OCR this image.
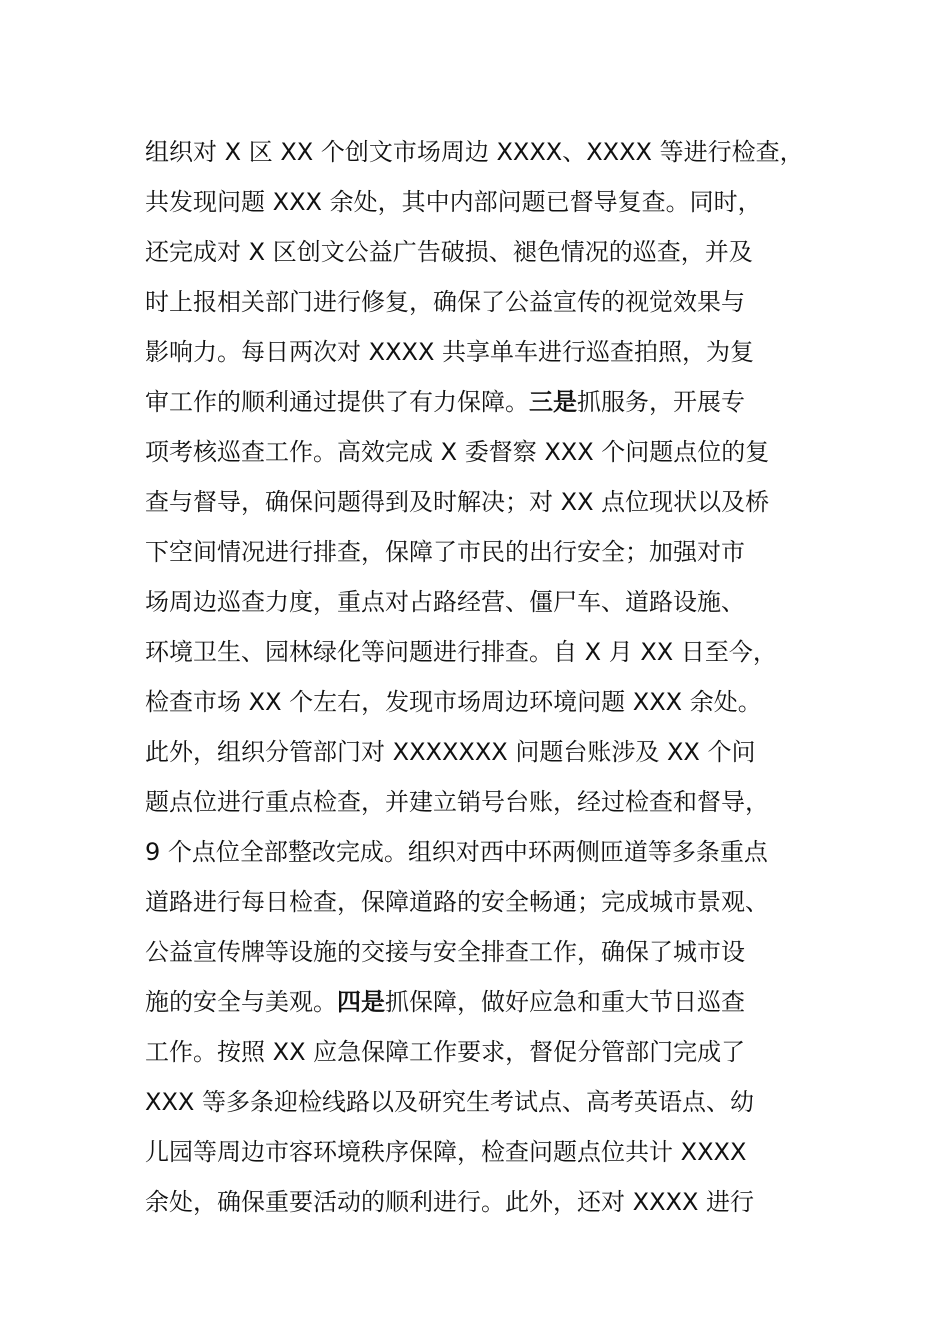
组织对 X 区 XX 个创文市场周边 XXXX、XXXX 等进行检查，
共发现问题 XXX 余处，其中内部问题已督导复查。同时，
还完成对 X 区创文公益广告破损、褪色情况的巡查，并及
时上报相关部门进行修复，确保了公益宣传的视觉效果与
影响力。每日两次对 XXXX 共享单车进行巡查拍照，为复
审工作的顺利通过提供了有力保障。三是抓服务，开展专
项考核巡查工作。高效完成 X 委督察 XXX 个问题点位的复
查与督导，确保问题得到及时解决；对 XX 点位现状以及桥
下空间情况进行排查，保障了市民的出行安全；加强对市
场周边巡查力度，重点对占路经营、僵尸车、道路设施、
环境卫生、园林绿化等问题进行排查。自 X 月 XX 日至今，
检查市场 XX 个左右，发现市场周边环境问题 XXX 余处。
此外，组织分管部门对 XXXXXXX 问题台账涉及 XX 个问
题点位进行重点检查，并建立销号台账，经过检查和督导，
9 个点位全部整改完成。组织对西中环两侧匝道等多条重点
道路进行每日检查，保障道路的安全畅通；完成城市景观、
公益宣传牌等设施的交接与安全排查工作，确保了城市设
施的安全与美观。四是抓保障，做好应急和重大节日巡查
工作。按照 XX 应急保障工作要求，督促分管部门完成了
XXX 等多条迎检线路以及研究生考试点、高考英语点、幼
儿园等周边市容环境秩序保障，检查问题点位共计 XXXX
余处，确保重要活动的顺利进行。此外，还对 XXXX 进行
